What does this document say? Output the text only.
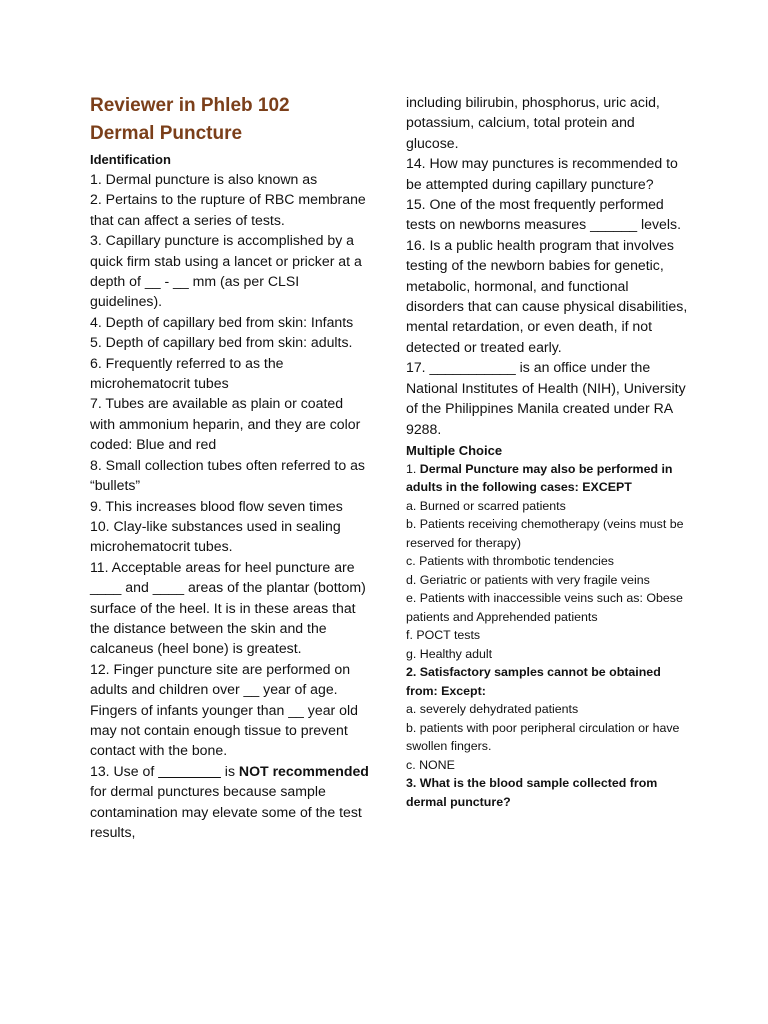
Reviewer in Phleb 102
Dermal Puncture

Identification

1. Dermal puncture is also known as

2. Pertains to the rupture of RBC membrane that can affect a series of tests.

3. Capillary puncture is accomplished by a quick firm stab using a lancet or pricker at a depth of __ - __ mm (as per CLSI guidelines).

4. Depth of capillary bed from skin: Infants

5. Depth of capillary bed from skin: adults.

6. Frequently referred to as the microhematocrit tubes

7. Tubes are available as plain or coated with ammonium heparin, and they are color coded: Blue and red

8. Small collection tubes often referred to as “bullets”

9. This increases blood flow seven times

10. Clay-like substances used in sealing microhematocrit tubes.

11. Acceptable areas for heel puncture are ____ and ____ areas of the plantar (bottom) surface of the heel. It is in these areas that the distance between the skin and the calcaneus (heel bone) is greatest.

12. Finger puncture site are performed on adults and children over __ year of age. Fingers of infants younger than __ year old may not contain enough tissue to prevent contact with the bone.

13. Use of ________ is NOT recommended for dermal punctures because sample contamination may elevate some of the test results,

including bilirubin, phosphorus, uric acid, potassium, calcium, total protein and glucose.

14. How may punctures is recommended to be attempted during capillary puncture?

15. One of the most frequently performed tests on newborns measures ______ levels.

16. Is a public health program that involves testing of the newborn babies for genetic, metabolic, hormonal, and functional disorders that can cause physical disabilities, mental retardation, or even death, if not detected or treated early.

17. ___________ is an office under the National Institutes of Health (NIH), University of the Philippines Manila created under RA 9288.

Multiple Choice

1. Dermal Puncture may also be performed in adults in the following cases: EXCEPT

a. Burned or scarred patients

b. Patients receiving chemotherapy (veins must be reserved for therapy)

c. Patients with thrombotic tendencies

d. Geriatric or patients with very fragile veins

e. Patients with inaccessible veins such as: Obese patients and Apprehended patients

f. POCT tests

g. Healthy adult

2. Satisfactory samples cannot be obtained from: Except:

a. severely dehydrated patients

b. patients with poor peripheral circulation or have swollen fingers.

c. NONE

3. What is the blood sample collected from dermal puncture?
